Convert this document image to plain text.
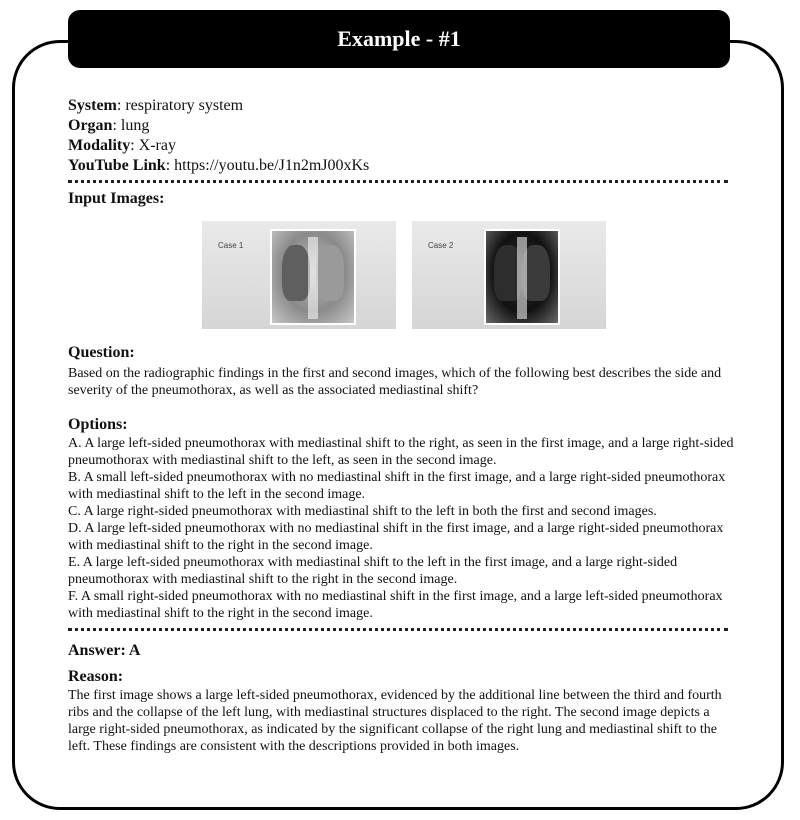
Example - #1
System: respiratory system
Organ: lung
Modality: X-ray
YouTube Link: https://youtu.be/J1n2mJ00xKs
Input Images:
Case 1	Case 2
Question:
Based on the radiographic findings in the first and second images, which of the following best describes the side and severity of the pneumothorax, as well as the associated mediastinal shift?
Options:

A. A large left-sided pneumothorax with mediastinal shift to the right, as seen in the first image, and a large right-sided pneumothorax with mediastinal shift to the left, as seen in the second image.

B. A small left-sided pneumothorax with no mediastinal shift in the first image, and a large right-sided pneumothorax with mediastinal shift to the left in the second image.

C. A large right-sided pneumothorax with mediastinal shift to the left in both the first and second images.

D. A large left-sided pneumothorax with no mediastinal shift in the first image, and a large right-sided pneumothorax with mediastinal shift to the right in the second image.

E. A large left-sided pneumothorax with mediastinal shift to the left in the first image, and a large right-sided pneumothorax with mediastinal shift to the right in the second image.

F. A small right-sided pneumothorax with no mediastinal shift in the first image, and a large left-sided pneumothorax with mediastinal shift to the right in the second image.

Answer: A
Reason:
The first image shows a large left-sided pneumothorax, evidenced by the additional line between the third and fourth ribs and the collapse of the left lung, with mediastinal structures displaced to the right. The second image depicts a large right-sided pneumothorax, as indicated by the significant collapse of the right lung and mediastinal shift to the left. These findings are consistent with the descriptions provided in both images.
